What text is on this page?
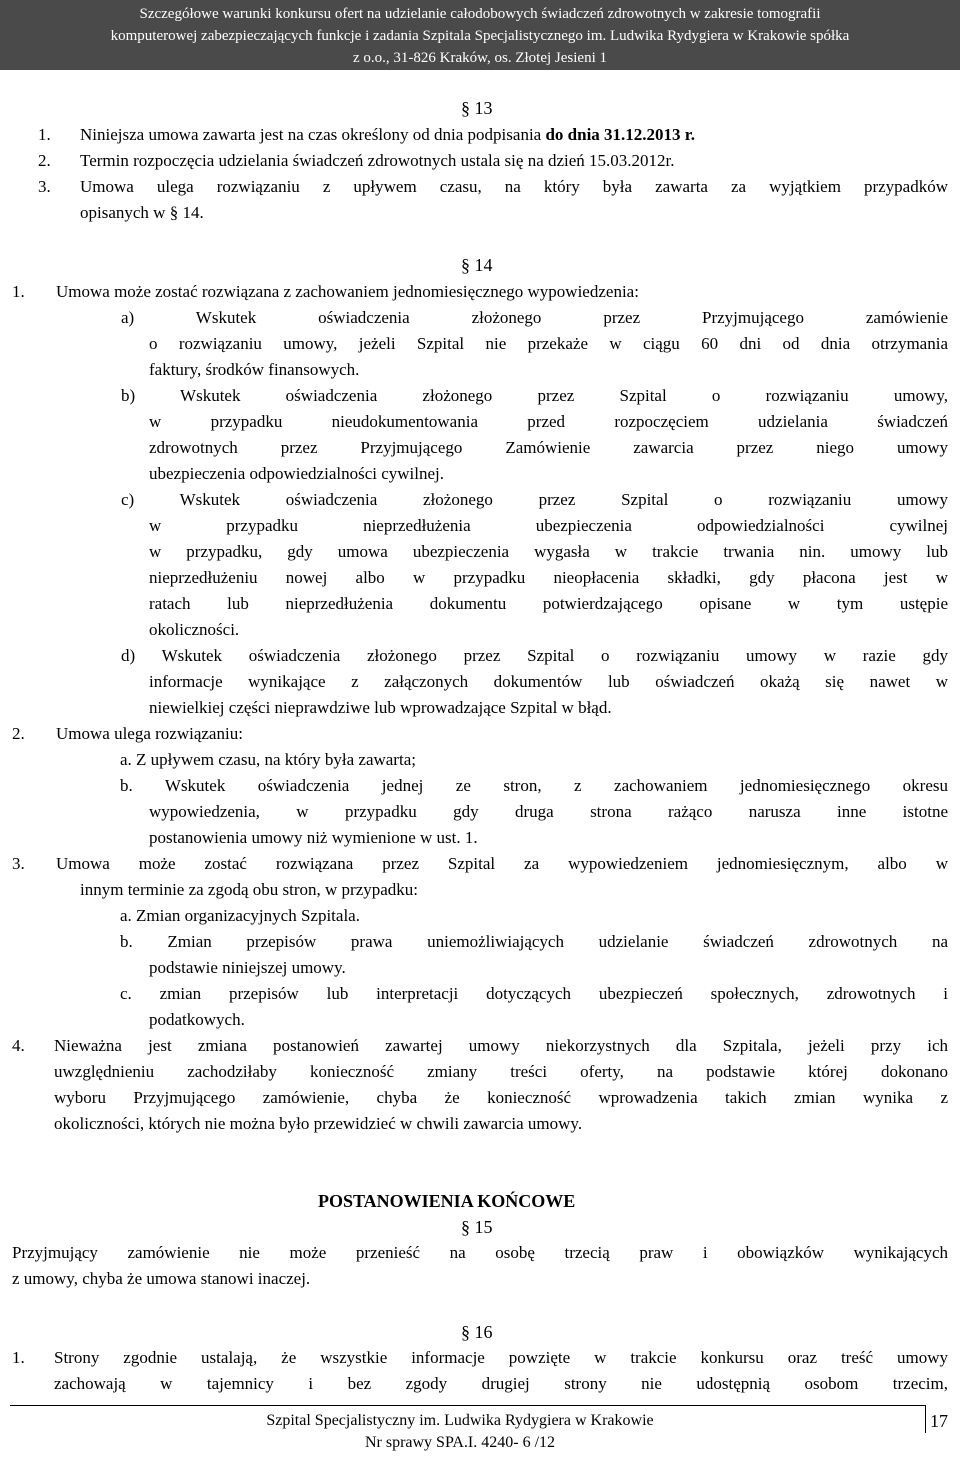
Szczegółowe warunki konkursu ofert na udzielanie całodobowych świadczeń zdrowotnych w zakresie tomografii
komputerowej zabezpieczających funkcje i zadania Szpitala Specjalistycznego im. Ludwika Rydygiera w Krakowie spółka
z o.o., 31-826 Kraków, os. Złotej Jesieni 1
§ 13
1. Niniejsza umowa zawarta jest na czas określony od dnia podpisania do dnia 31.12.2013 r.
2. Termin rozpoczęcia udzielania świadczeń zdrowotnych ustala się na dzień 15.03.2012r.
3. Umowa ulega rozwiązaniu z upływem czasu, na który była zawarta za wyjątkiem przypadków
opisanych w § 14.
§ 14
1. Umowa może zostać rozwiązana z zachowaniem jednomiesięcznego wypowiedzenia:
a) Wskutek oświadczenia złożonego przez Przyjmującego zamówienie
o rozwiązaniu umowy, jeżeli Szpital nie przekaże w ciągu 60 dni od dnia otrzymania
faktury, środków finansowych.
b) Wskutek oświadczenia złożonego przez Szpital o rozwiązaniu umowy,
w przypadku nieudokumentowania przed rozpoczęciem udzielania świadczeń
zdrowotnych przez Przyjmującego Zamówienie zawarcia przez niego umowy
ubezpieczenia odpowiedzialności cywilnej.
c) Wskutek oświadczenia złożonego przez Szpital o rozwiązaniu umowy
w przypadku nieprzedłużenia ubezpieczenia odpowiedzialności cywilnej
w przypadku, gdy umowa ubezpieczenia wygasła w trakcie trwania nin. umowy lub
nieprzedłużeniu nowej albo w przypadku nieopłacenia składki, gdy płacona jest w
ratach lub nieprzedłużenia dokumentu potwierdzającego opisane w tym ustępie
okoliczności.
d) Wskutek oświadczenia złożonego przez Szpital o rozwiązaniu umowy w razie gdy
informacje wynikające z załączonych dokumentów lub oświadczeń okażą się nawet w
niewielkiej części nieprawdziwe lub wprowadzające Szpital w błąd.
2. Umowa ulega rozwiązaniu:
a. Z upływem czasu, na który była zawarta;
b. Wskutek oświadczenia jednej ze stron, z zachowaniem jednomiesięcznego okresu
wypowiedzenia, w przypadku gdy druga strona rażąco narusza inne istotne
postanowienia umowy niż wymienione w ust. 1.
3. Umowa może zostać rozwiązana przez Szpital za wypowiedzeniem jednomiesięcznym, albo w
innym terminie za zgodą obu stron, w przypadku:
a. Zmian organizacyjnych Szpitala.
b. Zmian przepisów prawa uniemożliwiających udzielanie świadczeń zdrowotnych na
podstawie niniejszej umowy.
c. zmian przepisów lub interpretacji dotyczących ubezpieczeń społecznych, zdrowotnych i
podatkowych.
4. Nieważna jest zmiana postanowień zawartej umowy niekorzystnych dla Szpitala, jeżeli przy ich
uwzględnieniu zachodziłaby konieczność zmiany treści oferty, na podstawie której dokonano
wyboru Przyjmującego zamówienie, chyba że konieczność wprowadzenia takich zmian wynika z
okoliczności, których nie można było przewidzieć w chwili zawarcia umowy.
POSTANOWIENIA KOŃCOWE
§ 15
Przyjmujący zamówienie nie może przenieść na osobę trzecią praw i obowiązków wynikających
z umowy, chyba że umowa stanowi inaczej.
§ 16
1. Strony zgodnie ustalają, że wszystkie informacje powzięte w trakcie konkursu oraz treść umowy
zachowają w tajemnicy i bez zgody drugiej strony nie udostępnią osobom trzecim,
Szpital Specjalistyczny im. Ludwika Rydygiera w Krakowie
Nr sprawy SPA.I. 4240- 6 /12
17
